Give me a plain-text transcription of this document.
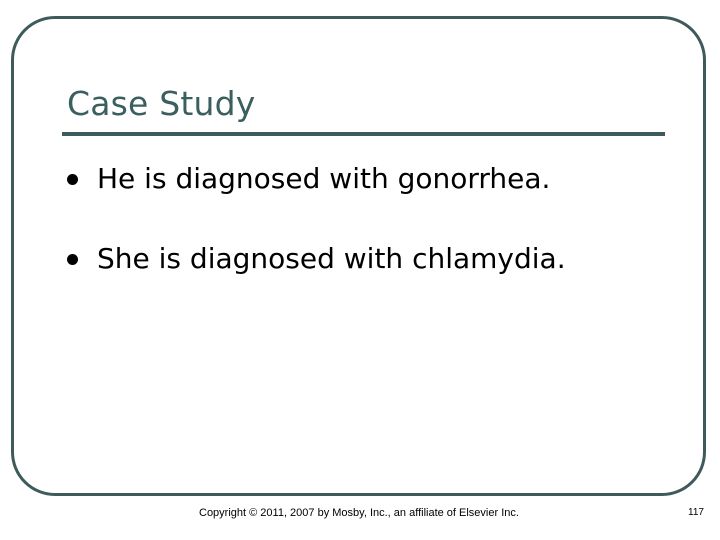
Case Study
He is diagnosed with gonorrhea.
She is diagnosed with chlamydia.
Copyright © 2011, 2007 by Mosby, Inc., an affiliate of Elsevier Inc.	117
